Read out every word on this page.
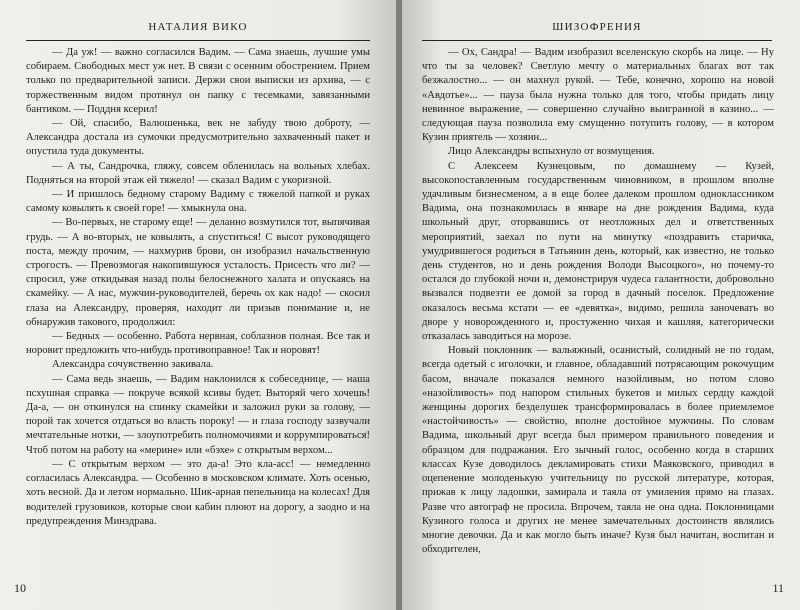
НАТАЛИЯ ВИКО

— Да уж! — важно согласился Вадим. — Сама знаешь, лучшие умы собираем. Свободных мест уж нет. В связи с осенним обострением. Прием только по предварительной записи. Держи свои выписки из архива, — с торжественным видом протянул он папку с тесемками, завязанными бантиком. — Поддня ксерил!

— Ой, спасибо, Валюшенька, век не забуду твою доброту, — Александра достала из сумочки предусмотрительно захваченный пакет и опустила туда документы.

— А ты, Сандрочка, гляжу, совсем обленилась на вольных хлебах. Подняться на второй этаж ей тяжело! — сказал Вадим с укоризной.

— И пришлось бедному старому Вадиму с тяжелой папкой и руках самому ковылять к своей горе! — хмыкнула она.

— Во-первых, не старому еще! — деланно возмутился тот, выпячивая грудь. — А во-вторых, не ковылять, а спуститься! С высот руководящего поста, между прочим, — нахмурив брови, он изобразил начальственную строгость. — Превозмогая накопившуюся усталость. Присесть что ли? — спросил, уже откидывая назад полы белоснежного халата и опускаясь на скамейку. — А нас, мужчин-руководителей, беречь ох как надо! — скосил глаза на Александру, проверяя, находит ли призыв понимание и, не обнаружив такового, продолжил:

— Бедных — особенно. Работа нервная, соблазнов полная. Все так и норовит предложить что-нибудь противоправное! Так и норовят!

Александра сочувственно закивала.

— Сама ведь знаешь, — Вадим наклонился к собеседнице, — наша псхушная справка — покруче всякой ксивы будет. Выторяй чего хочешь! Да-а, — он откинулся на спинку скамейки и заложил руки за голову, — порой так хочется отдаться во власть пороку! — и глаза господу зазвучали мечтательные нотки, — злоупотребить полномочиями и коррумпироваться! Чтоб потом на работу на «мерине» или «бэхе» с открытым верхом...

— С открытым верхом — это да-а! Это кла-асс! — немедленно согласилась Александра. — Особенно в московском климате. Хоть осенью, хоть весной. Да и летом нормально. Шик-арная пепельница на колесах! Для водителей грузовиков, которые свои кабин плюют на дорогу, а заодно и на предупреждения Минздрава.

10
ШИЗОФРЕНИЯ

— Ох, Сандра! — Вадим изобразил вселенскую скорбь на лице. — Ну что ты за человек? Светлую мечту о материальных благах вот так безжалостно... — он махнул рукой. — Тебе, конечно, хорошо на новой «Авдотье»... — пауза была нужна только для того, чтобы придать лицу невинное выражение, — совершенно случайно выигранной в казино... — следующая пауза позволила ему смущенно потупить голову, — в котором Кузин приятель — хозяин...

Лицо Александры вспыхнуло от возмущения.

С Алексеем Кузнецовым, по домашнему — Кузей, высокопоставленным государственным чиновником, в прошлом вполне удачливым бизнесменом, а в еще более далеком прошлом одноклассником Вадима, она познакомилась в январе на дне рождения Вадима, куда школьный друг, оторвавшись от неотложных дел и ответственных мероприятий, заехал по пути на минутку «поздравить старичка, умудрившегося родиться в Татьянин день, который, как известно, не только день студентов, но и день рождения Володи Высоцкого», но почему-то остался до глубокой ночи и, демонстрируя чудеса галантности, добровольно вызвался подвезти ее домой за город в дачный поселок. Предложение оказалось весьма кстати — ее «девятка», видимо, решила заночевать во дворе у новорожденного и, простуженно чихая и кашляя, категорически отказалась заводиться на морозе.

Новый поклонник — вальяжный, осанистый, солидный не по годам, всегда одетый с иголочки, и главное, обладавший потрясающим рокочущим басом, вначале показался немного назойливым, но потом слово «назойливость» под напором стильных букетов и милых сердцу каждой женщины дорогих безделушек трансформировалась в более приемлемое «настойчивость» — свойство, вполне достойное мужчины. По словам Вадима, школьный друг всегда был примером правильного поведения и образцом для подражания. Его зычный голос, особенно когда в старших классах Кузе доводилось декламировать стихи Маяковского, приводил в оцепенение молоденькую учительницу по русской литературе, которая, прижав к лицу ладошки, замирала и таяла от умиления прямо на глазах. Разве что автограф не просила. Впрочем, таяла не она одна. Поклонницами Кузиного голоса и других не менее замечательных достоинств являлись многие девочки. Да и как могло быть иначе? Кузя был начитан, воспитан и обходителен,

11
